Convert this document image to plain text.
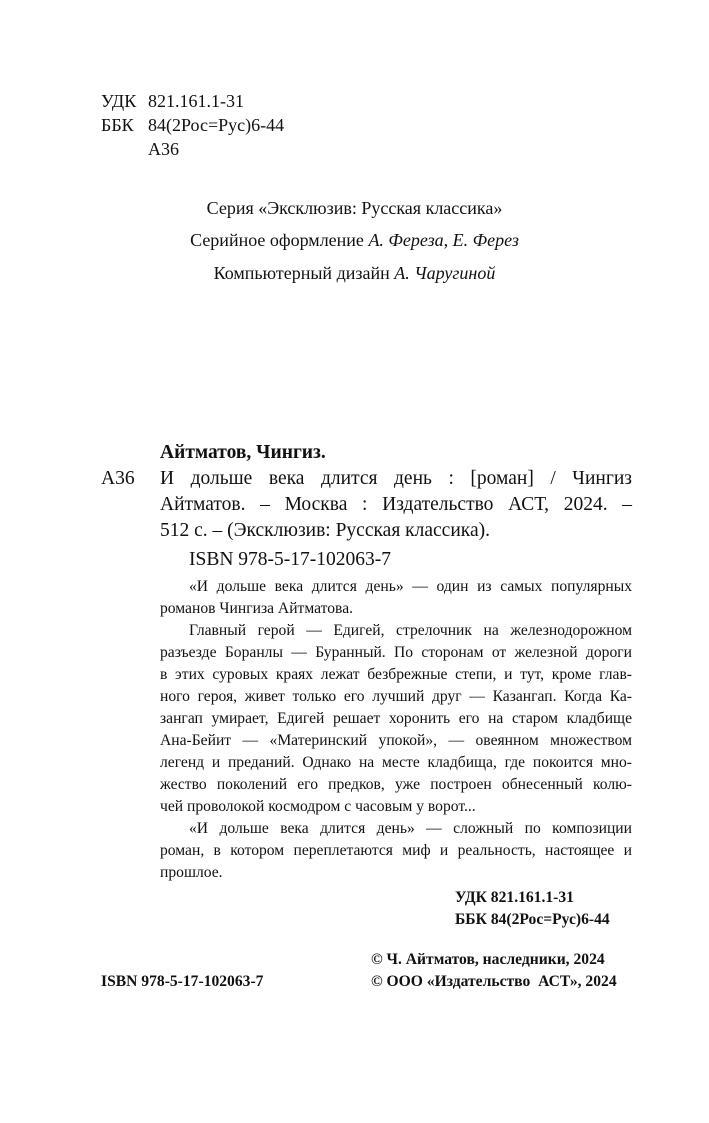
УДК 821.161.1-31
ББК 84(2Рос=Рус)6-44
А36
Серия «Эксклюзив: Русская классика»
Серийное оформление А. Фереза, Е. Ферез
Компьютерный дизайн А. Чаругиной
Айтматов, Чингиз.
А36 И дольше века длится день : [роман] / Чингиз
Айтматов. – Москва : Издательство АСТ, 2024. –
512 с. – (Эксклюзив: Русская классика).
ISBN 978-5-17-102063-7
«И дольше века длится день» — один из самых популярных
романов Чингиза Айтматова.
Главный герой — Едигей, стрелочник на железнодорожном
разъезде Боранлы — Буранный. По сторонам от железной дороги
в этих суровых краях лежат безбрежные степи, и тут, кроме глав-
ного героя, живет только его лучший друг — Казангап. Когда Ка-
зангап умирает, Едигей решает хоронить его на старом кладбище
Ана-Бейит — «Материнский упокой», — овеянном множеством
легенд и преданий. Однако на месте кладбища, где покоится мно-
жество поколений его предков, уже построен обнесенный колю-
чей проволокой космодром с часовым у ворот...
«И дольше века длится день» — сложный по композиции
роман, в котором переплетаются миф и реальность, настоящее и
прошлое.
УДК 821.161.1-31
ББК 84(2Рос=Рус)6-44
ISBN 978-5-17-102063-7
© Ч. Айтматов, наследники, 2024
© ООО «Издательство  АСТ», 2024
